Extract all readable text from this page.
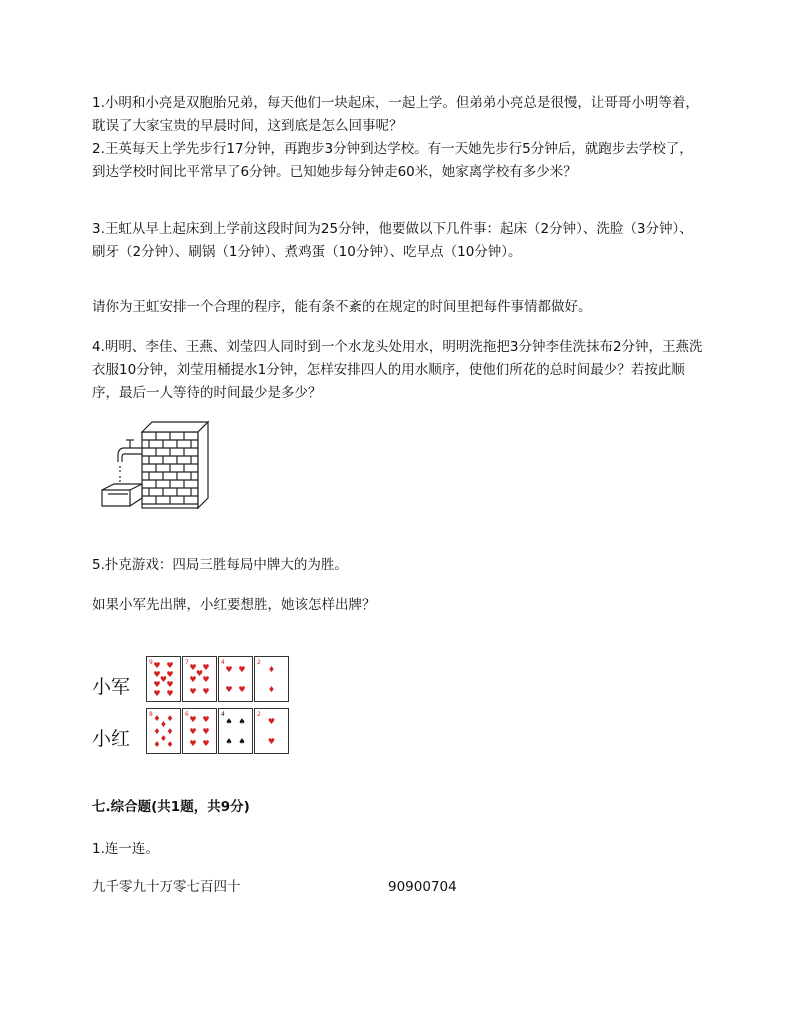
1.小明和小亮是双胞胎兄弟，每天他们一块起床，一起上学。但弟弟小亮总是很慢，让哥哥小明等着，耽误了大家宝贵的早晨时间，这到底是怎么回事呢？

2.王英每天上学先步行17分钟，再跑步3分钟到达学校。有一天她先步行5分钟后，就跑步去学校了，到达学校时间比平常早了6分钟。已知她步每分钟走60米，她家离学校有多少米？

3.王虹从早上起床到上学前这段时间为25分钟，他要做以下几件事：起床（2分钟）、洗脸（3分钟）、刷牙（2分钟）、刷锅（1分钟）、煮鸡蛋（10分钟）、吃早点（10分钟）。

请你为王虹安排一个合理的程序，能有条不紊的在规定的时间里把每件事情都做好。

4.明明、李佳、王燕、刘莹四人同时到一个水龙头处用水，明明洗拖把3分钟李佳洗抹布2分钟，王燕洗衣服10分钟，刘莹用桶提水1分钟，怎样安排四人的用水顺序，使他们所花的总时间最少？若按此顺序，最后一人等待的时间最少是多少？

5.扑克游戏：四局三胜每局中牌大的为胜。

如果小军先出牌，小红要想胜，她该怎样出牌？

小军
小红
9 ♥ ♥
♥ ♥
♥
♥ ♥
♥ ♥
7
♥ ♥
♥
♥ ♥
♥ ♥
4
♥ ♥
♥ ♥
2
♦
♦
8 ♦ ♦
♦
♦ ♦
♦
♦ ♦
6
♥ ♥
♥ ♥
♥ ♥
4
♠ ♠
♠ ♠
2
♥
♥

七.综合题(共1题，共9分)

1.连一连。

九千零九十万零七百四十	90900704
